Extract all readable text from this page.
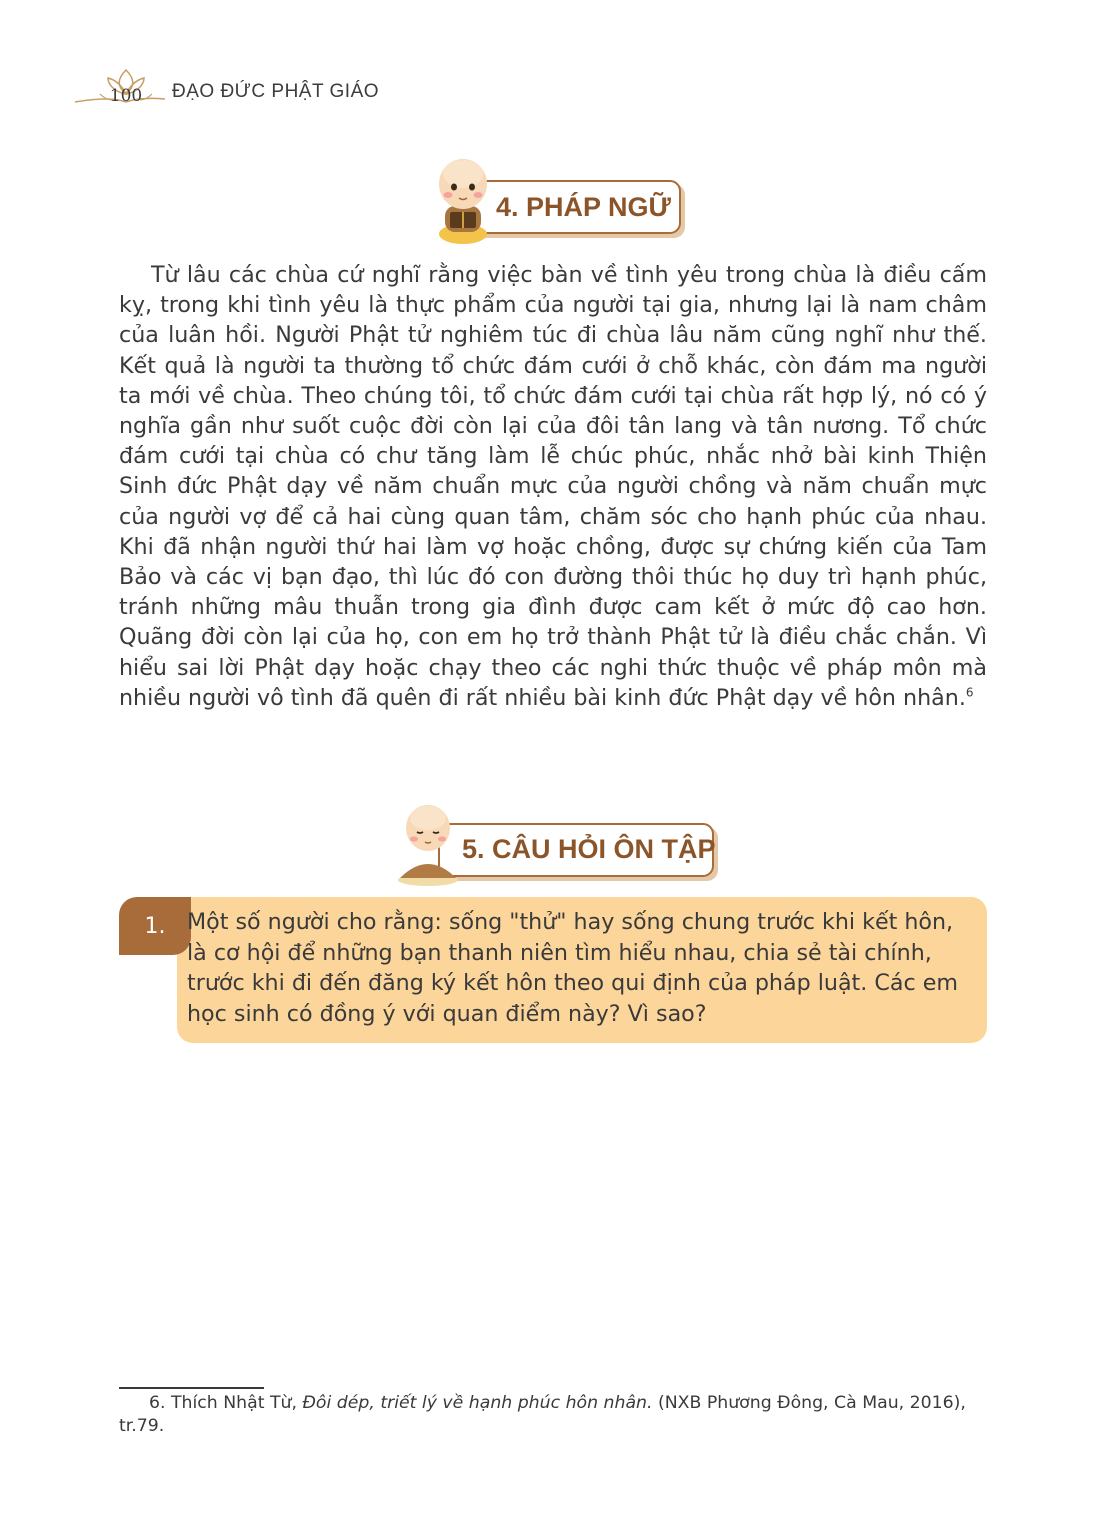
100	ĐẠO ĐỨC PHẬT GIÁO
4. PHÁP NGỮ

Từ lâu các chùa cứ nghĩ rằng việc bàn về tình yêu trong chùa là điều cấm kỵ, trong khi tình yêu là thực phẩm của người tại gia, nhưng lại là nam châm của luân hồi. Người Phật tử nghiêm túc đi chùa lâu năm cũng nghĩ như thế. Kết quả là người ta thường tổ chức đám cưới ở chỗ khác, còn đám ma người ta mới về chùa. Theo chúng tôi, tổ chức đám cưới tại chùa rất hợp lý, nó có ý nghĩa gần như suốt cuộc đời còn lại của đôi tân lang và tân nương. Tổ chức đám cưới tại chùa có chư tăng làm lễ chúc phúc, nhắc nhở bài kinh Thiện Sinh đức Phật dạy về năm chuẩn mực của người chồng và năm chuẩn mực của người vợ để cả hai cùng quan tâm, chăm sóc cho hạnh phúc của nhau. Khi đã nhận người thứ hai làm vợ hoặc chồng, được sự chứng kiến của Tam Bảo và các vị bạn đạo, thì lúc đó con đường thôi thúc họ duy trì hạnh phúc, tránh những mâu thuẫn trong gia đình được cam kết ở mức độ cao hơn. Quãng đời còn lại của họ, con em họ trở thành Phật tử là điều chắc chắn. Vì hiểu sai lời Phật dạy hoặc chạy theo các nghi thức thuộc về pháp môn mà nhiều người vô tình đã quên đi rất nhiều bài kinh đức Phật dạy về hôn nhân.$^6$

5. CÂU HỎI ÔN TẬP
1. Một số người cho rằng: sống "thử" hay sống chung trước khi kết hôn, là cơ hội để những bạn thanh niên tìm hiểu nhau, chia sẻ tài chính, trước khi đi đến đăng ký kết hôn theo qui định của pháp luật. Các em học sinh có đồng ý với quan điểm này? Vì sao?

6. Thích Nhật Từ, Đôi dép, triết lý về hạnh phúc hôn nhân. (NXB Phương Đông, Cà Mau, 2016), tr.79.
